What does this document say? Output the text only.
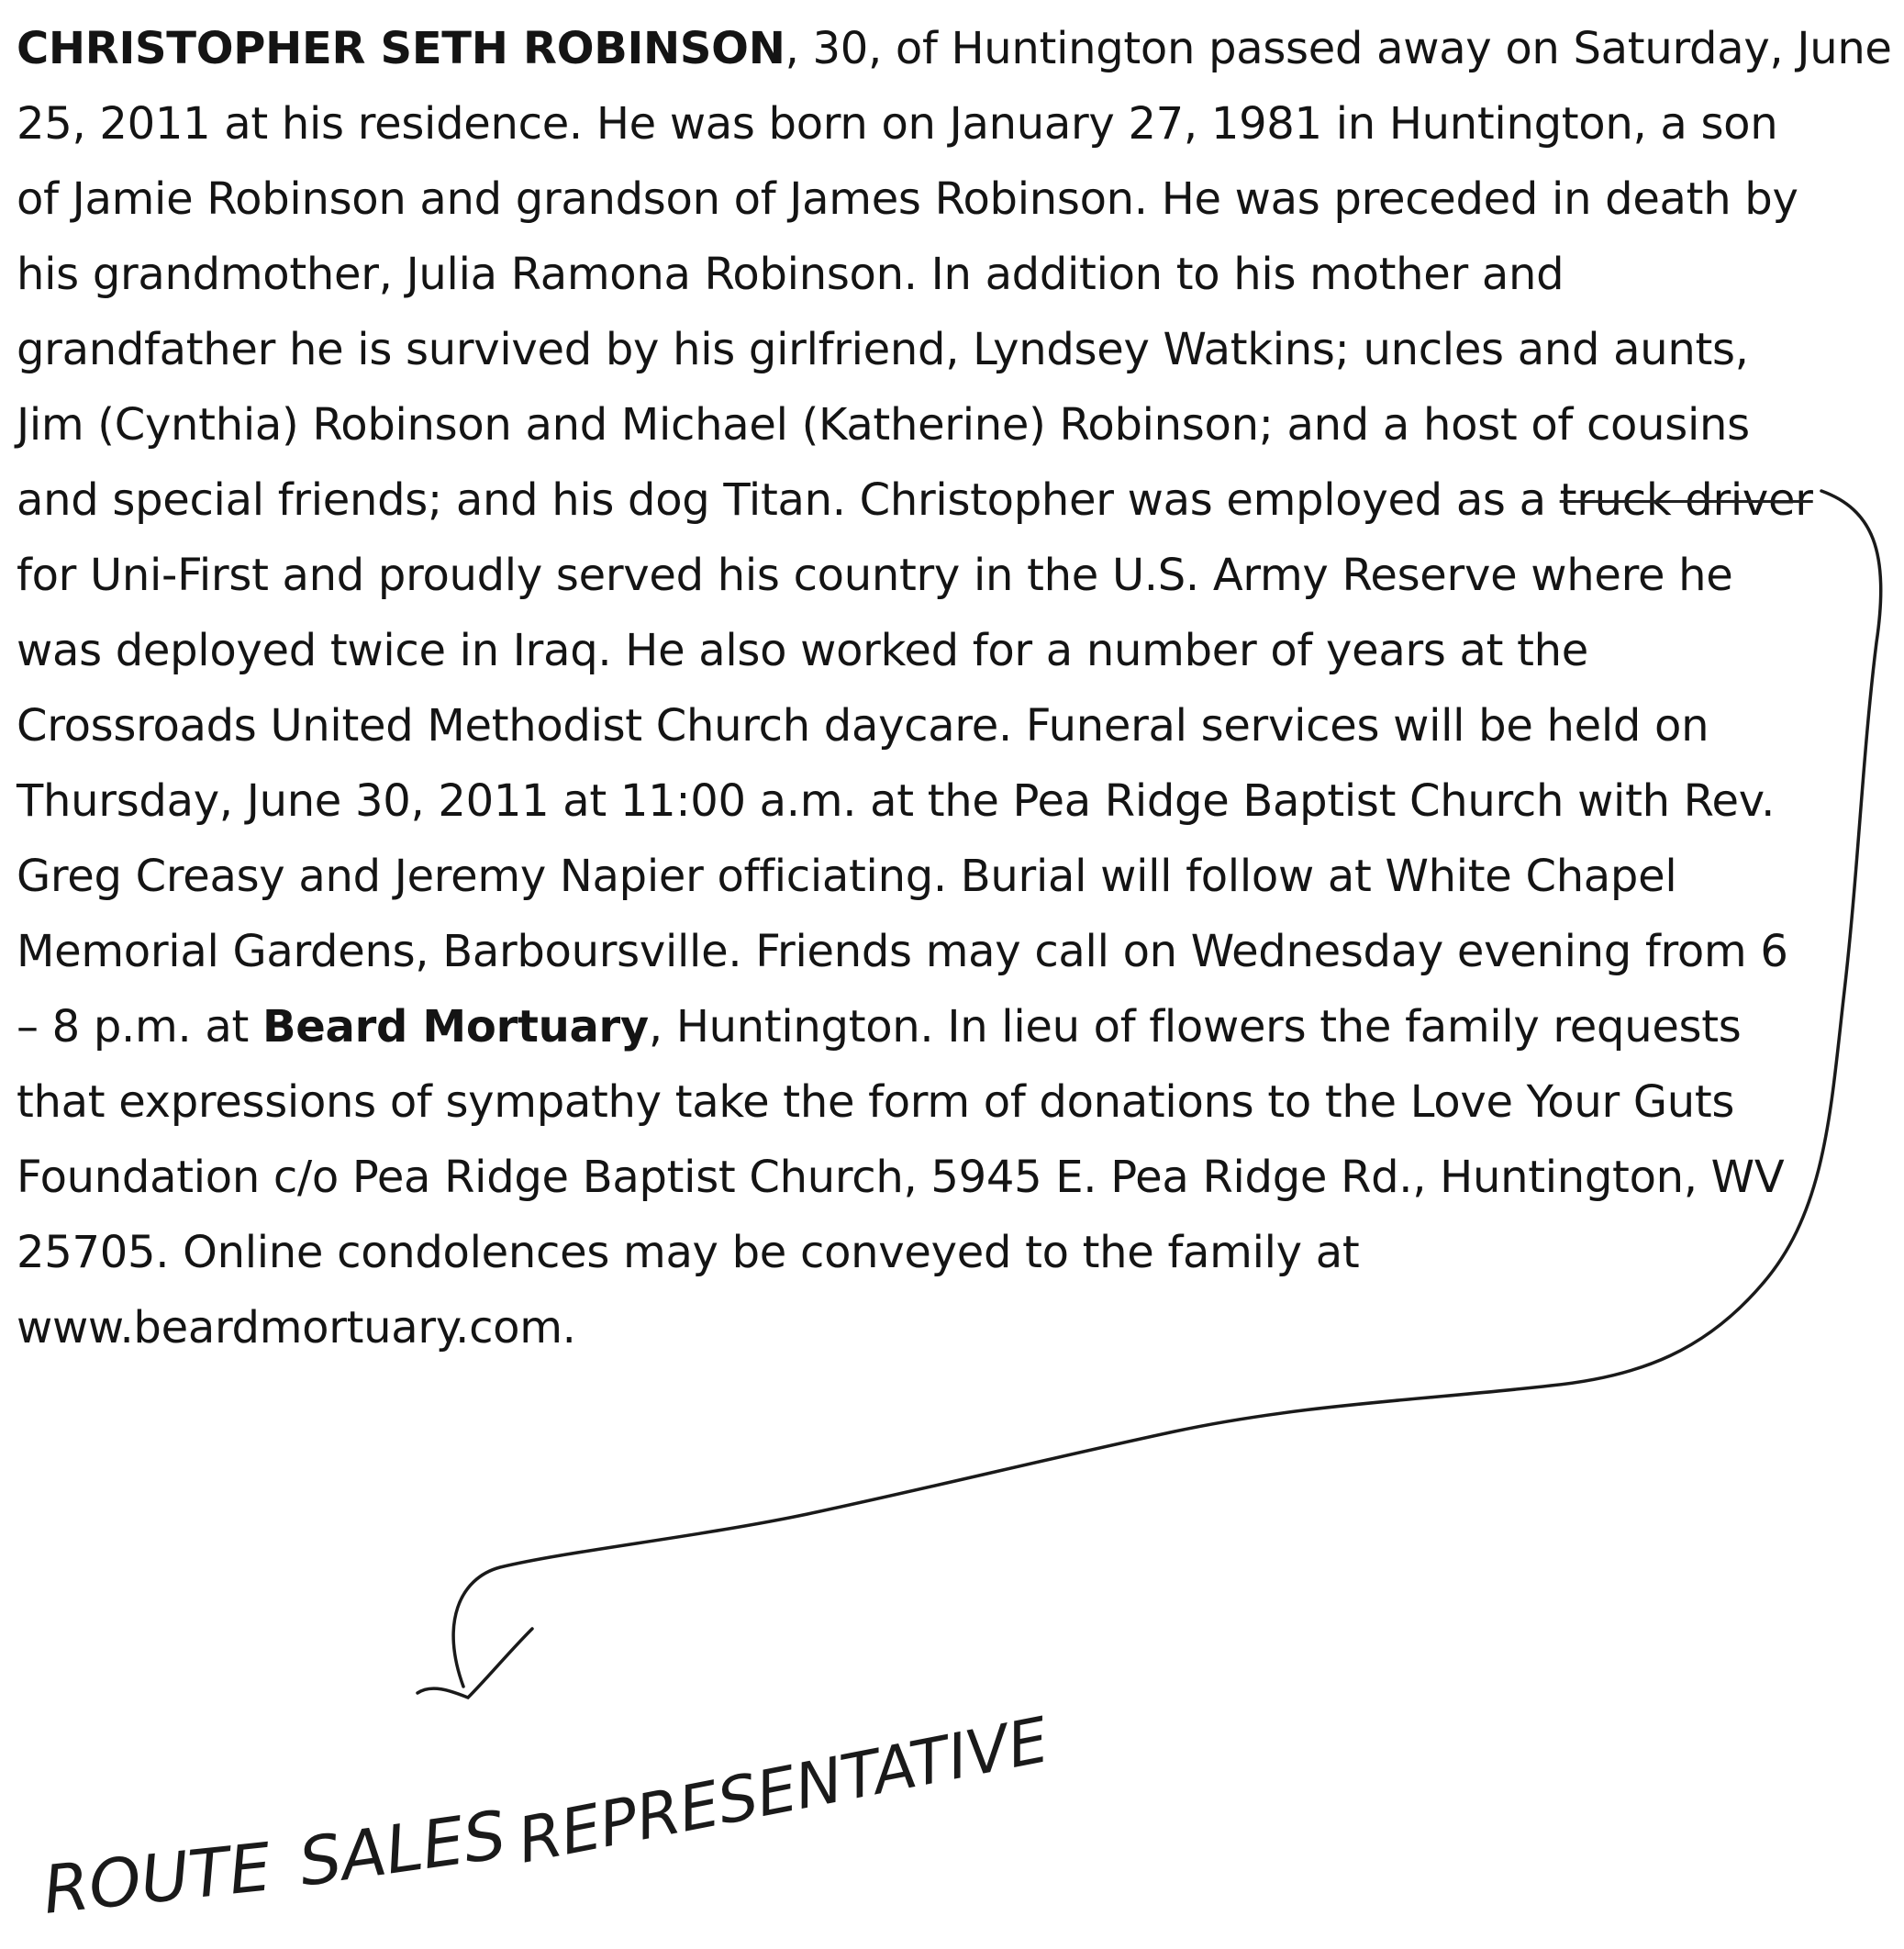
CHRISTOPHER SETH ROBINSON, 30, of Huntington passed away on Saturday, June
25, 2011 at his residence. He was born on January 27, 1981 in Huntington, a son
of Jamie Robinson and grandson of James Robinson. He was preceded in death by
his grandmother, Julia Ramona Robinson. In addition to his mother and
grandfather he is survived by his girlfriend, Lyndsey Watkins; uncles and aunts,
Jim (Cynthia) Robinson and Michael (Katherine) Robinson; and a host of cousins
and special friends; and his dog Titan. Christopher was employed as a truck driver
for Uni-First and proudly served his country in the U.S. Army Reserve where he
was deployed twice in Iraq. He also worked for a number of years at the
Crossroads United Methodist Church daycare. Funeral services will be held on
Thursday, June 30, 2011 at 11:00 a.m. at the Pea Ridge Baptist Church with Rev.
Greg Creasy and Jeremy Napier officiating. Burial will follow at White Chapel
Memorial Gardens, Barboursville. Friends may call on Wednesday evening from 6
– 8 p.m. at Beard Mortuary, Huntington. In lieu of flowers the family requests
that expressions of sympathy take the form of donations to the Love Your Guts
Foundation c/o Pea Ridge Baptist Church, 5945 E. Pea Ridge Rd., Huntington, WV
25705. Online condolences may be conveyed to the family at
www.beardmortuary.com.
ROUTE SALES REPRESENTATIVE
